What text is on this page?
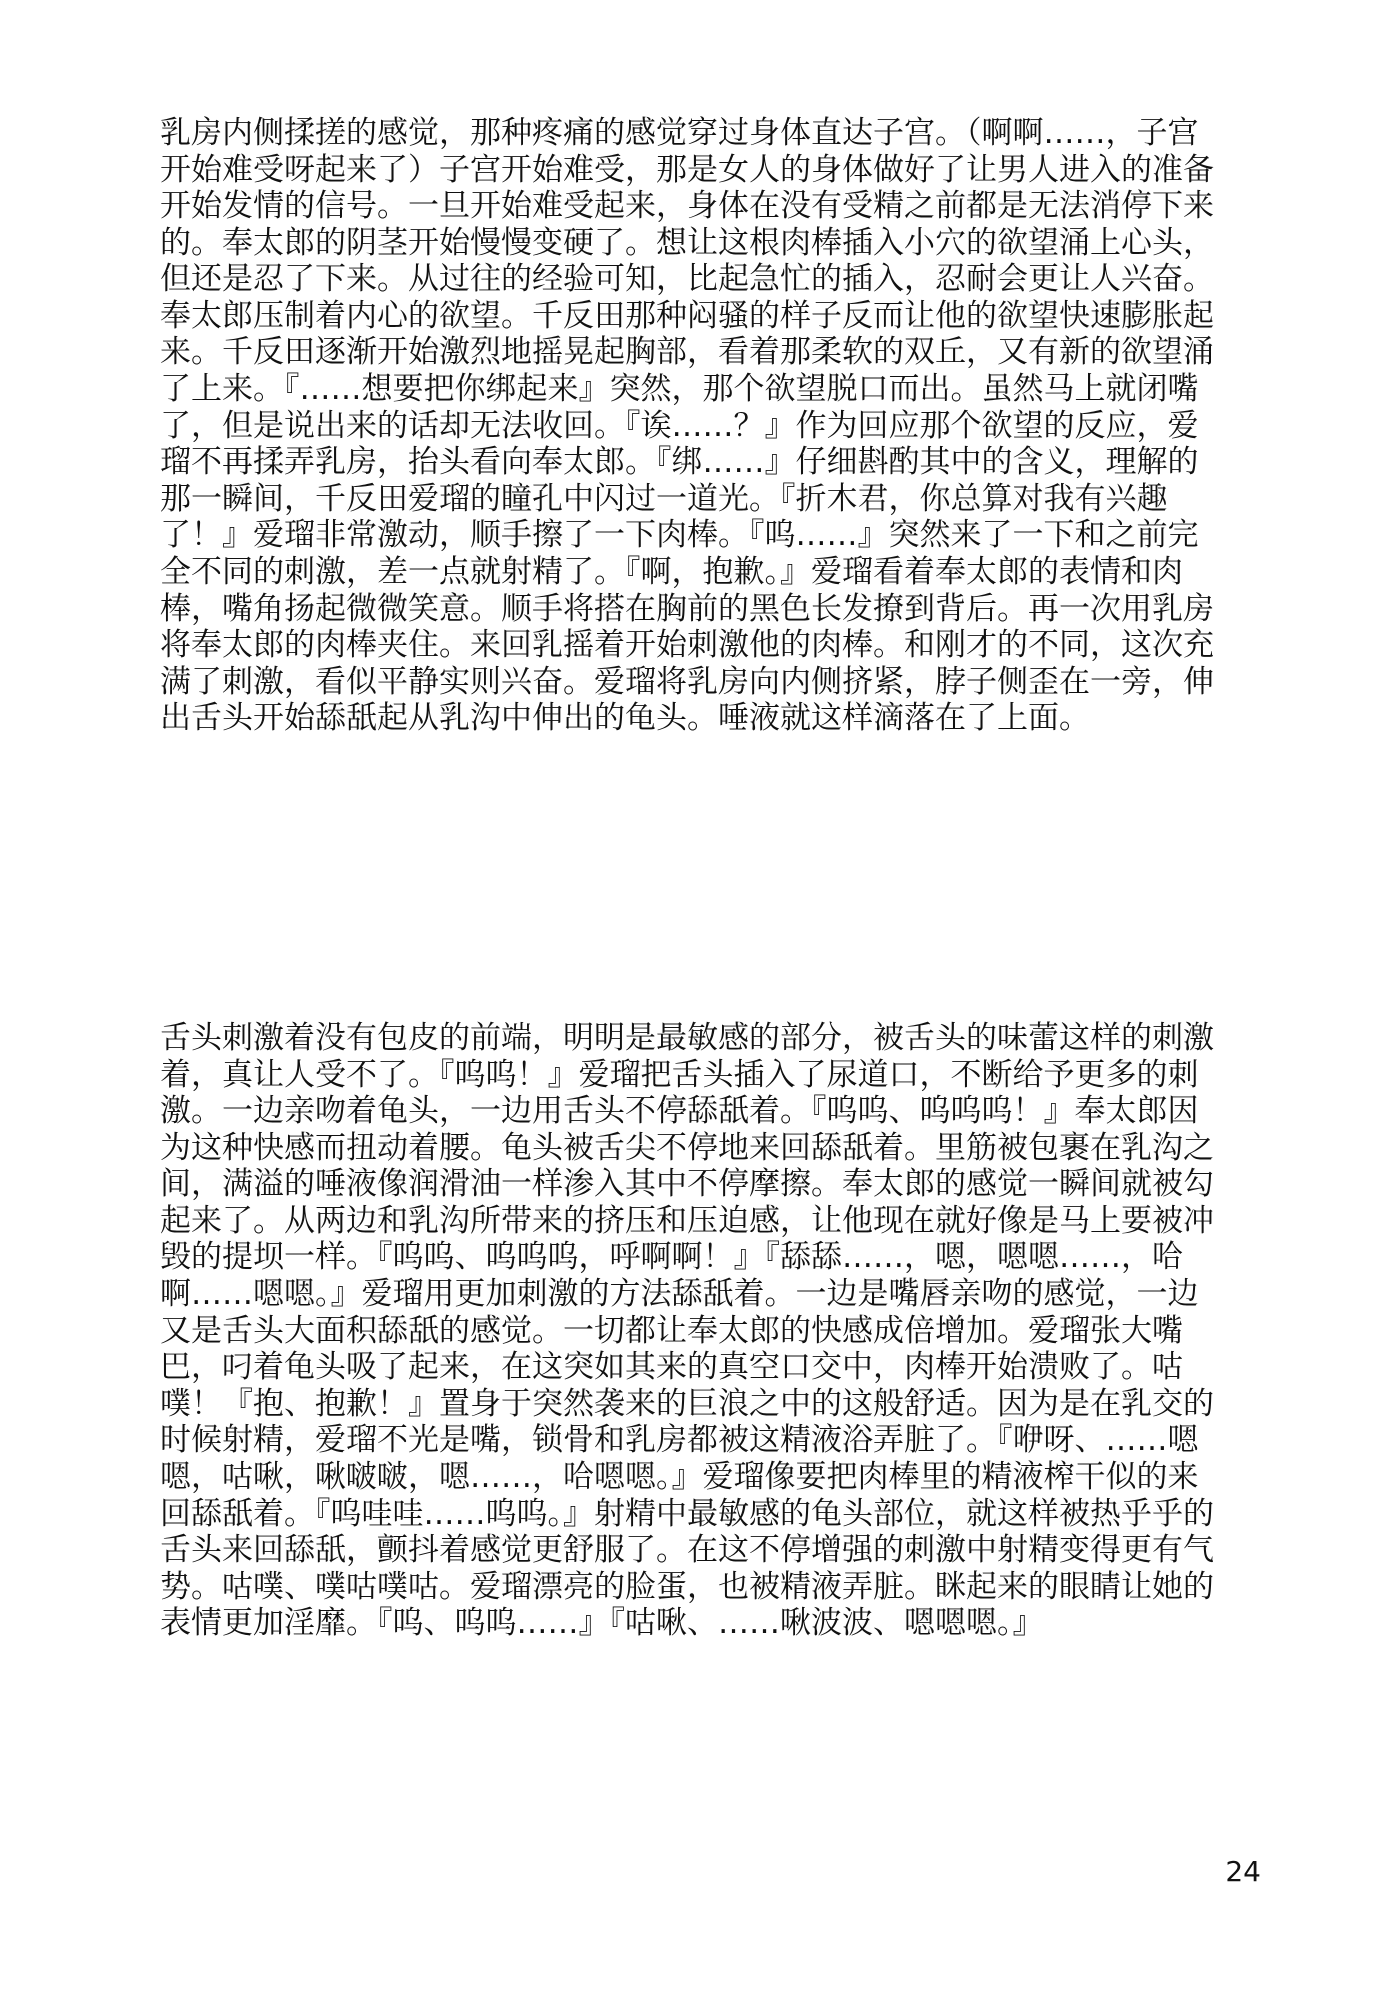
乳房内侧揉搓的感觉，那种疼痛的感觉穿过身体直达子宫。（啊啊……，子宫开始难受呀起来了）子宫开始难受，那是女人的身体做好了让男人进入的准备开始发情的信号。一旦开始难受起来，身体在没有受精之前都是无法消停下来的。奉太郎的阴茎开始慢慢变硬了。想让这根肉棒插入小穴的欲望涌上心头，但还是忍了下来。从过往的经验可知，比起急忙的插入，忍耐会更让人兴奋。奉太郎压制着内心的欲望。千反田那种闷骚的样子反而让他的欲望快速膨胀起来。千反田逐渐开始激烈地摇晃起胸部，看着那柔软的双丘，又有新的欲望涌了上来。『……想要把你绑起来』突然，那个欲望脱口而出。虽然马上就闭嘴了，但是说出来的话却无法收回。『诶……？』作为回应那个欲望的反应，爱瑠不再揉弄乳房，抬头看向奉太郎。『绑……』仔细斟酌其中的含义，理解的那一瞬间，千反田爱瑠的瞳孔中闪过一道光。『折木君，你总算对我有兴趣了！』爱瑠非常激动，顺手擦了一下肉棒。『呜……』突然来了一下和之前完全不同的刺激，差一点就射精了。『啊，抱歉。』爱瑠看着奉太郎的表情和肉棒，嘴角扬起微微笑意。顺手将搭在胸前的黑色长发撩到背后。再一次用乳房将奉太郎的肉棒夹住。来回乳摇着开始刺激他的肉棒。和刚才的不同，这次充满了刺激，看似平静实则兴奋。爱瑠将乳房向内侧挤紧，脖子侧歪在一旁，伸出舌头开始舔舐起从乳沟中伸出的龟头。唾液就这样滴落在了上面。
舌头刺激着没有包皮的前端，明明是最敏感的部分，被舌头的味蕾这样的刺激着，真让人受不了。『呜呜！』爱瑠把舌头插入了尿道口，不断给予更多的刺激。一边亲吻着龟头，一边用舌头不停舔舐着。『呜呜、呜呜呜！』奉太郎因为这种快感而扭动着腰。龟头被舌尖不停地来回舔舐着。里筋被包裹在乳沟之间，满溢的唾液像润滑油一样渗入其中不停摩擦。奉太郎的感觉一瞬间就被勾起来了。从两边和乳沟所带来的挤压和压迫感，让他现在就好像是马上要被冲毁的提坝一样。『呜呜、呜呜呜，呼啊啊！』『舔舔……，嗯，嗯嗯……，哈啊……嗯嗯。』爱瑠用更加刺激的方法舔舐着。一边是嘴唇亲吻的感觉，一边又是舌头大面积舔舐的感觉。一切都让奉太郎的快感成倍增加。爱瑠张大嘴巴，叼着龟头吸了起来，在这突如其来的真空口交中，肉棒开始溃败了。咕噗！『抱、抱歉！』置身于突然袭来的巨浪之中的这般舒适。因为是在乳交的时候射精，爱瑠不光是嘴，锁骨和乳房都被这精液浴弄脏了。『咿呀、……嗯嗯，咕啾，啾啵啵，嗯……，哈嗯嗯。』爱瑠像要把肉棒里的精液榨干似的来回舔舐着。『呜哇哇……呜呜。』射精中最敏感的龟头部位，就这样被热乎乎的舌头来回舔舐，颤抖着感觉更舒服了。在这不停增强的刺激中射精变得更有气势。咕噗、噗咕噗咕。爱瑠漂亮的脸蛋，也被精液弄脏。眯起来的眼睛让她的表情更加淫靡。『呜、呜呜……』『咕啾、……啾波波、嗯嗯嗯。』
24
